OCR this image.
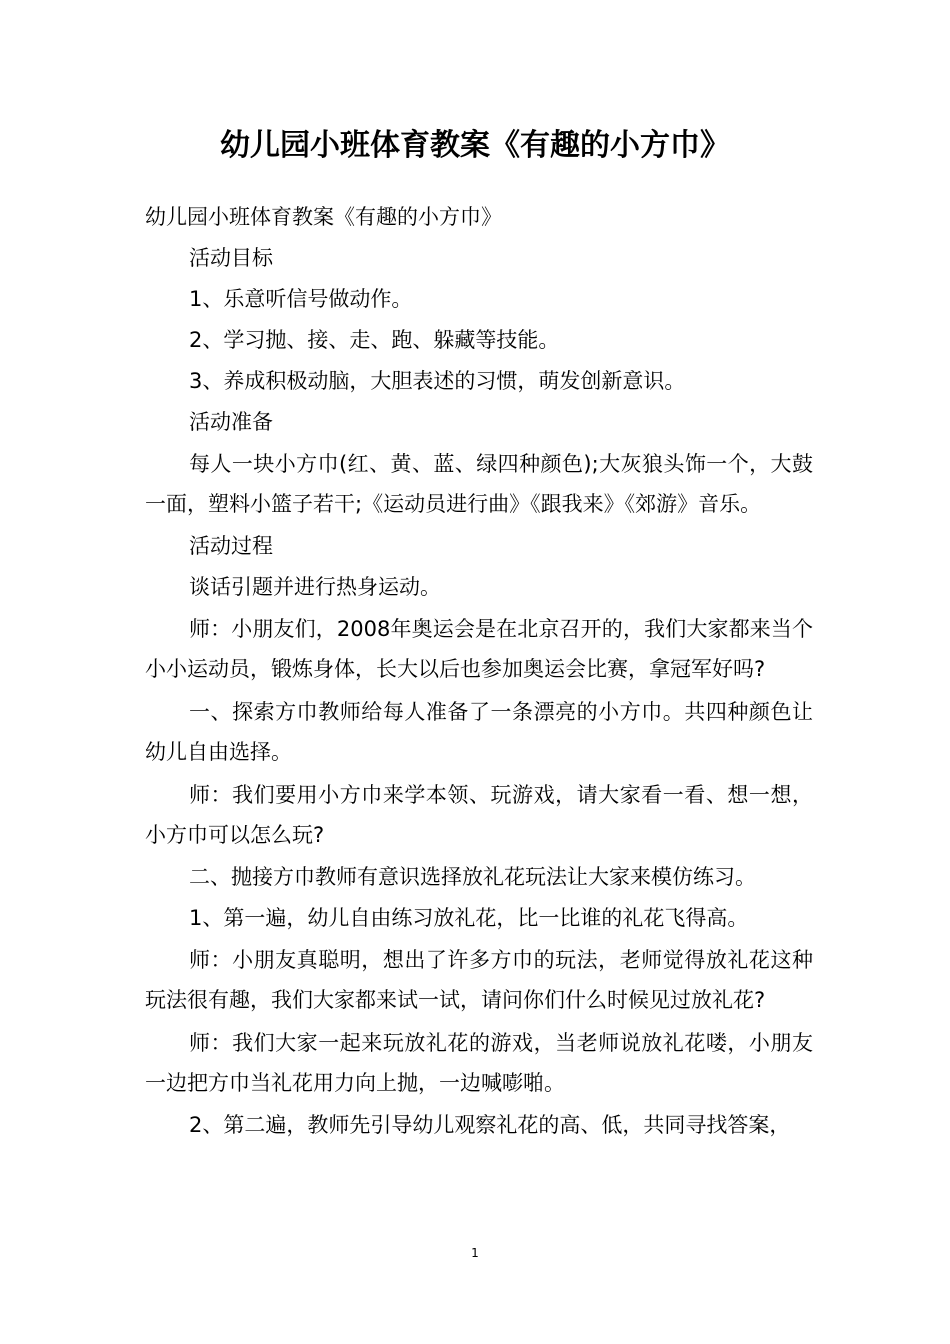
幼儿园小班体育教案《有趣的小方巾》

幼儿园小班体育教案《有趣的小方巾》

活动目标

1、乐意听信号做动作。

2、学习抛、接、走、跑、躲藏等技能。

3、养成积极动脑，大胆表述的习惯，萌发创新意识。

活动准备

每人一块小方巾(红、黄、蓝、绿四种颜色);大灰狼头饰一个，大鼓一面，塑料小篮子若干;《运动员进行曲》《跟我来》《郊游》音乐。

活动过程

谈话引题并进行热身运动。

师：小朋友们，2008年奥运会是在北京召开的，我们大家都来当个小小运动员，锻炼身体，长大以后也参加奥运会比赛，拿冠军好吗?

一、探索方巾教师给每人准备了一条漂亮的小方巾。共四种颜色让幼儿自由选择。

师：我们要用小方巾来学本领、玩游戏，请大家看一看、想一想，小方巾可以怎么玩?

二、抛接方巾教师有意识选择放礼花玩法让大家来模仿练习。

1、第一遍，幼儿自由练习放礼花，比一比谁的礼花飞得高。

师：小朋友真聪明，想出了许多方巾的玩法，老师觉得放礼花这种玩法很有趣，我们大家都来试一试，请问你们什么时候见过放礼花?

师：我们大家一起来玩放礼花的游戏，当老师说放礼花喽，小朋友一边把方巾当礼花用力向上抛，一边喊嘭啪。

2、第二遍，教师先引导幼儿观察礼花的高、低，共同寻找答案，

1
